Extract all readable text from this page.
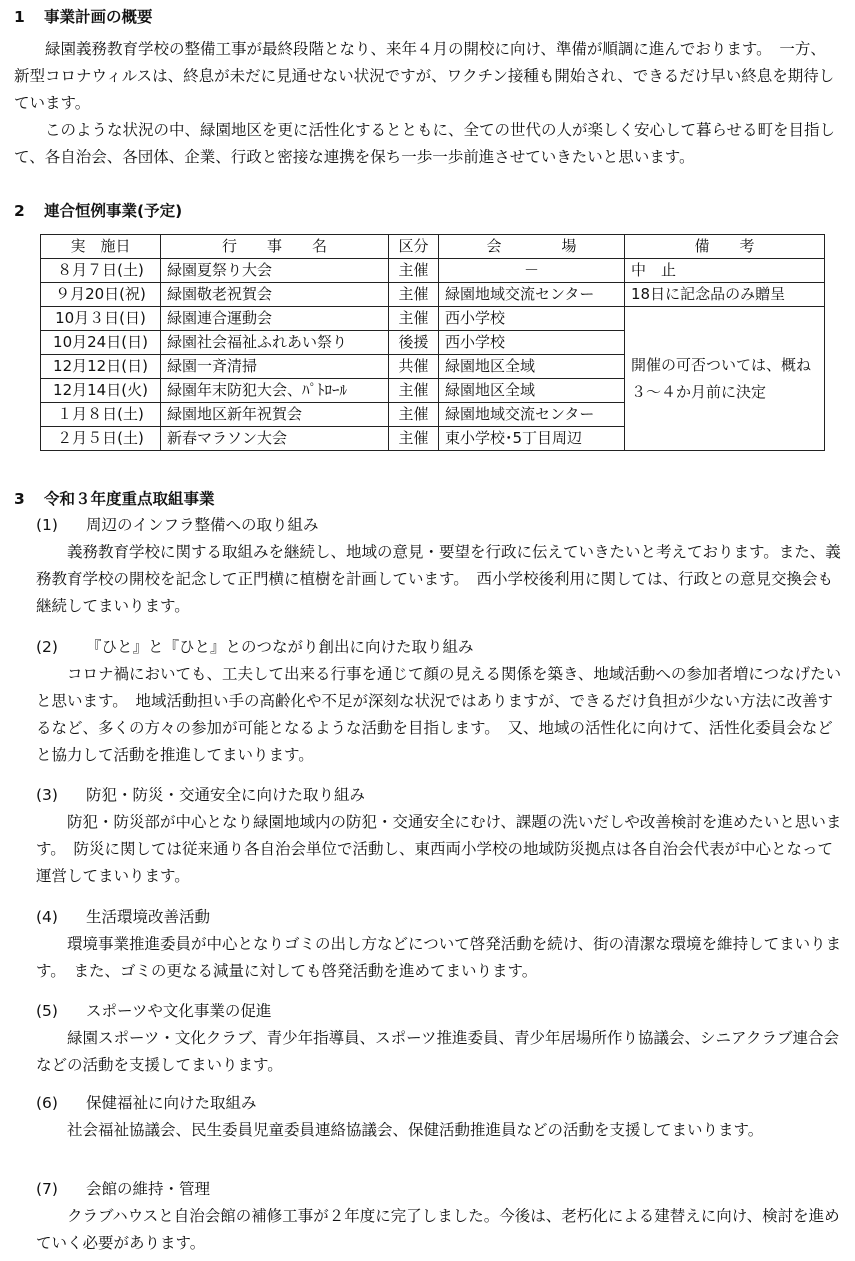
1 事業計画の概要

緑園義務教育学校の整備工事が最終段階となり、来年４月の開校に向け、準備が順調に進んでおります。　一方、新型コロナウィルスは、終息が未だに見通せない状況ですが、ワクチン接種も開始され、できるだけ早い終息を期待しています。

このような状況の中、緑園地区を更に活性化するとともに、全ての世代の人が楽しく安心して暮らせる町を目指して、各自治会、各団体、企業、行政と密接な連携を保ち一歩一歩前進させていきたいと思います。

2 連合恒例事業(予定)
実　施日	行　　事　　名	区分	会　　　　場	備　　考
８月７日(土)	緑園夏祭り大会	主催	－	中　止
９月20日(祝)	緑園敬老祝賀会	主催	緑園地域交流センター	18日に記念品のみ贈呈
10月３日(日)	緑園連合運動会	主催	西小学校	開催の可否ついては、概ね３～４か月前に決定
10月24日(日)	緑園社会福祉ふれあい祭り	後援	西小学校	
12月12日(日)	緑園一斉清掃	共催	緑園地区全域	
12月14日(火)	緑園年末防犯大会、ﾊﾟﾄﾛｰﾙ	主催	緑園地区全域	
１月８日(土)	緑園地区新年祝賀会	主催	緑園地域交流センター	
２月５日(土)	新春マラソン大会	主催	東小学校･5丁目周辺	
3 令和３年度重点取組事業
(1)	周辺のインフラ整備への取り組み

義務教育学校に関する取組みを継続し、地域の意見・要望を行政に伝えていきたいと考えております。また、義務教育学校の開校を記念して正門横に植樹を計画しています。　西小学校後利用に関しては、行政との意見交換会も継続してまいります。

(2)	『ひと』と『ひと』とのつながり創出に向けた取り組み

コロナ禍においても、工夫して出来る行事を通じて顔の見える関係を築き、地域活動への参加者増につなげたいと思います。　地域活動担い手の高齢化や不足が深刻な状況ではありますが、できるだけ負担が少ない方法に改善するなど、多くの方々の参加が可能となるような活動を目指します。　又、地域の活性化に向けて、活性化委員会などと協力して活動を推進してまいります。

(3)	防犯・防災・交通安全に向けた取り組み

防犯・防災部が中心となり緑園地域内の防犯・交通安全にむけ、課題の洗いだしや改善検討を進めたいと思います。　防災に関しては従来通り各自治会単位で活動し、東西両小学校の地域防災拠点は各自治会代表が中心となって運営してまいります。

(4)	生活環境改善活動

環境事業推進委員が中心となりゴミの出し方などについて啓発活動を続け、街の清潔な環境を維持してまいります。　また、ゴミの更なる減量に対しても啓発活動を進めてまいります。

(5)	スポーツや文化事業の促進

緑園スポーツ・文化クラブ、青少年指導員、スポーツ推進委員、青少年居場所作り協議会、シニアクラブ連合会などの活動を支援してまいります。

(6)	保健福祉に向けた取組み

社会福祉協議会、民生委員児童委員連絡協議会、保健活動推進員などの活動を支援してまいります。

(7)	会館の維持・管理

クラブハウスと自治会館の補修工事が２年度に完了しました。今後は、老朽化による建替えに向け、検討を進めていく必要があります。
